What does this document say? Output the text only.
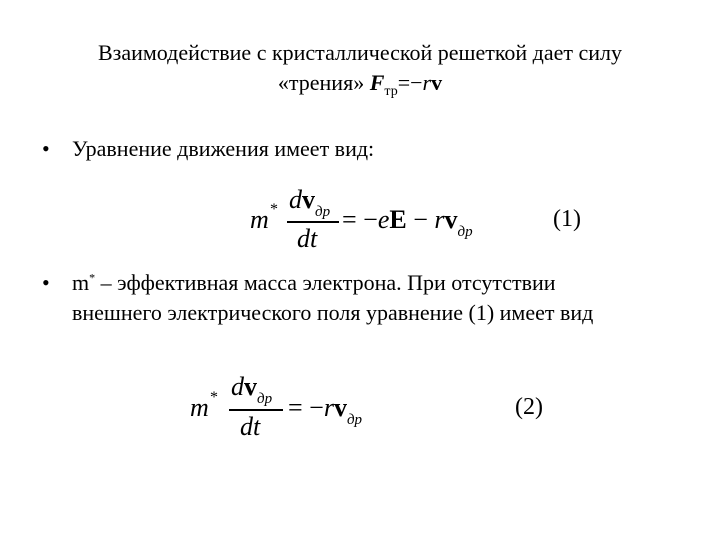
Взаимодействие с кристаллической решеткой дает силу
«трения» $F_{тр}=-rv$
• Уравнение движения имеет вид:
m * $dv_{др}$
dt
= $-eE - rv_{др}$	(1)
• m* – эффективная масса электрона. При отсутствии
внешнего электрического поля уравнение (1) имеет вид
m * $dv_{др}$
dt
= $-rv_{др}$	(2)
